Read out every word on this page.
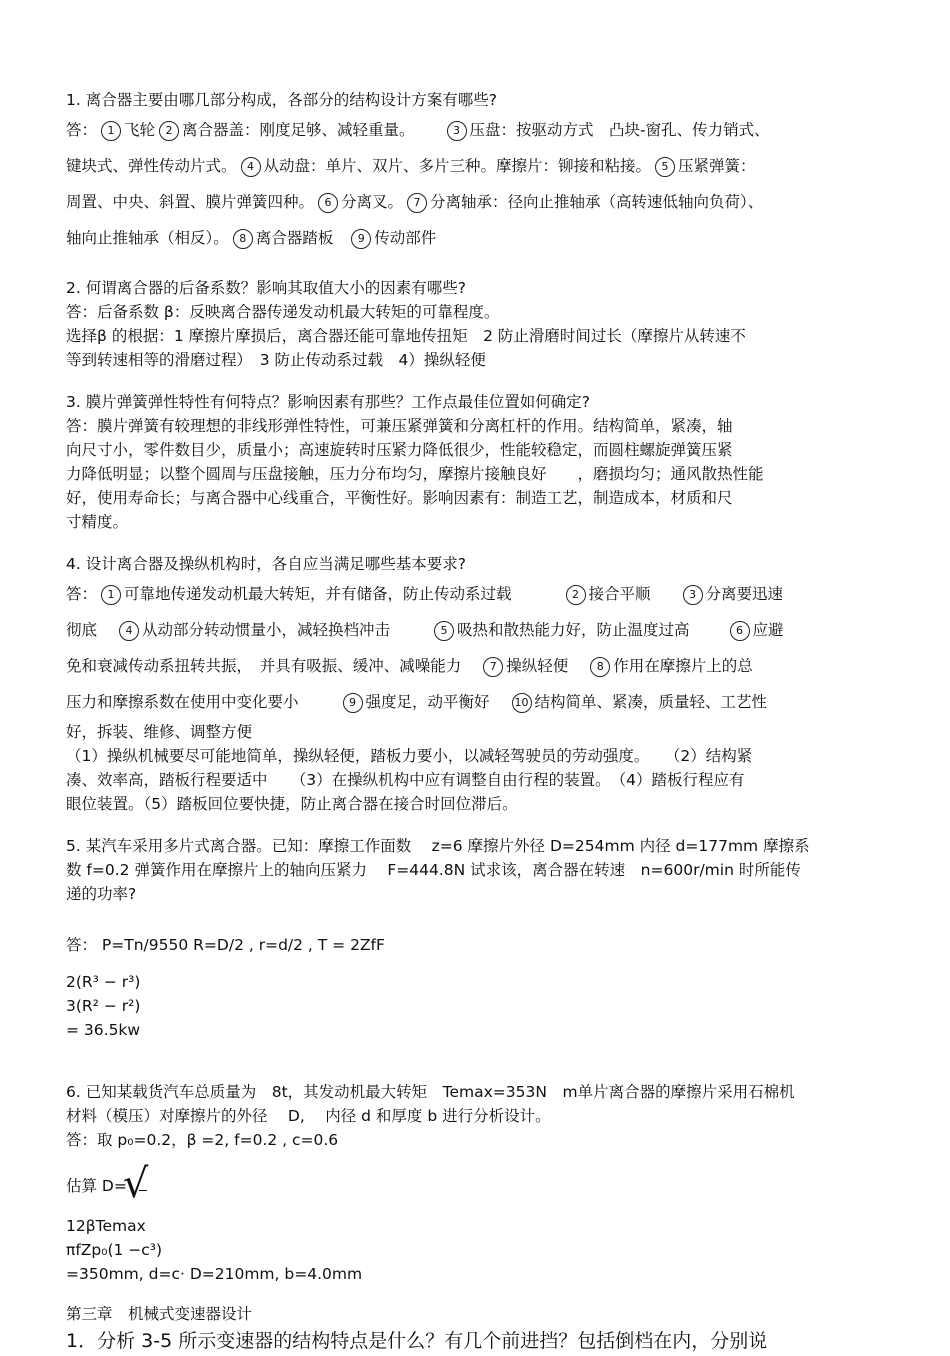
1. 离合器主要由哪几部分构成，各部分的结构设计方案有哪些?

答： 1 飞轮 2 离合器盖：刚度足够、减轻重量。	3 压盘：按驱动方式　凸块-窗孔、传力销式、

键块式、弹性传动片式。 4 从动盘：单片、双片、多片三种。摩擦片：铆接和粘接。 5 压紧弹簧：

周置、中央、斜置、膜片弹簧四种。 6 分离叉。 7 分离轴承：径向止推轴承（高转速低轴向负荷）、

轴向止推轴承（相反）。 8 离合器踏板 9 传动部件

2. 何谓离合器的后备系数？影响其取值大小的因素有哪些?

答：后备系数 β：反映离合器传递发动机最大转矩的可靠程度。

选择β 的根据：1 摩擦片摩损后，离合器还能可靠地传扭矩　2 防止滑磨时间过长（摩擦片从转速不

等到转速相等的滑磨过程）　3 防止传动系过载　4）操纵轻便

3. 膜片弹簧弹性特性有何特点？影响因素有那些？工作点最佳位置如何确定?

答：膜片弹簧有较理想的非线形弹性特性，可兼压紧弹簧和分离杠杆的作用。结构简单，紧凑，轴

向尺寸小，零件数目少，质量小；高速旋转时压紧力降低很少，性能较稳定，而圆柱螺旋弹簧压紧

力降低明显；以整个圆周与压盘接触，压力分布均匀，摩擦片接触良好　　，磨损均匀；通风散热性能

好，使用寿命长；与离合器中心线重合，平衡性好。影响因素有：制造工艺，制造成本，材质和尺

寸精度。

4. 设计离合器及操纵机构时，各自应当满足哪些基本要求?

答： 1 可靠地传递发动机最大转矩，并有储备，防止传动系过载	2 接合平顺	3 分离要迅速

彻底	4 从动部分转动惯量小，减轻换档冲击	5 吸热和散热能力好，防止温度过高	6 应避

免和衰减传动系扭转共振，　并具有吸振、缓冲、减噪能力	7 操纵轻便	8 作用在摩擦片上的总

压力和摩擦系数在使用中变化要小	9 强度足，动平衡好 10 结构简单、紧凑，质量轻、工艺性

好，拆装、维修、调整方便

（1）操纵机械要尽可能地简单，操纵轻便，踏板力要小，以减轻驾驶员的劳动强度。　　（2）结构紧

凑、效率高，踏板行程要适中　　（3）在操纵机构中应有调整自由行程的装置。　（4）踏板行程应有

眼位装置。（5）踏板回位要快捷，防止离合器在接合时回位滞后。

5. 某汽车采用多片式离合器。已知：摩擦工作面数　 z=6 摩擦片外径 D=254mm 内径 d=177mm 摩擦系

数 f=0.2 弹簧作用在摩擦片上的轴向压紧力　 F=444.8N 试求该，离合器在转速　n=600r/min 时所能传

递的功率?

答： P=Tn/9550 R=D/2 , r=d/2 , T = 2ZfF

2(R³ − r³)
3(R² − r²)
= 36.5kw

6. 已知某载货汽车总质量为　8t，其发动机最大转矩　Temax=353N　m单片离合器的摩擦片采用石棉机

材料（模压）对摩擦片的外径　 D,　 内径 d 和厚度 b 进行分析设计。

答：取 p₀=0.2，β =2, f=0.2 , c=0.6

估算 D=
√

12βTemax
πfZp₀(1 −c³)
=350mm, d=c· D=210mm, b=4.0mm

第三章　机械式变速器设计

1．分析 3-5 所示变速器的结构特点是什么？有几个前进挡？包括倒档在内，分别说
